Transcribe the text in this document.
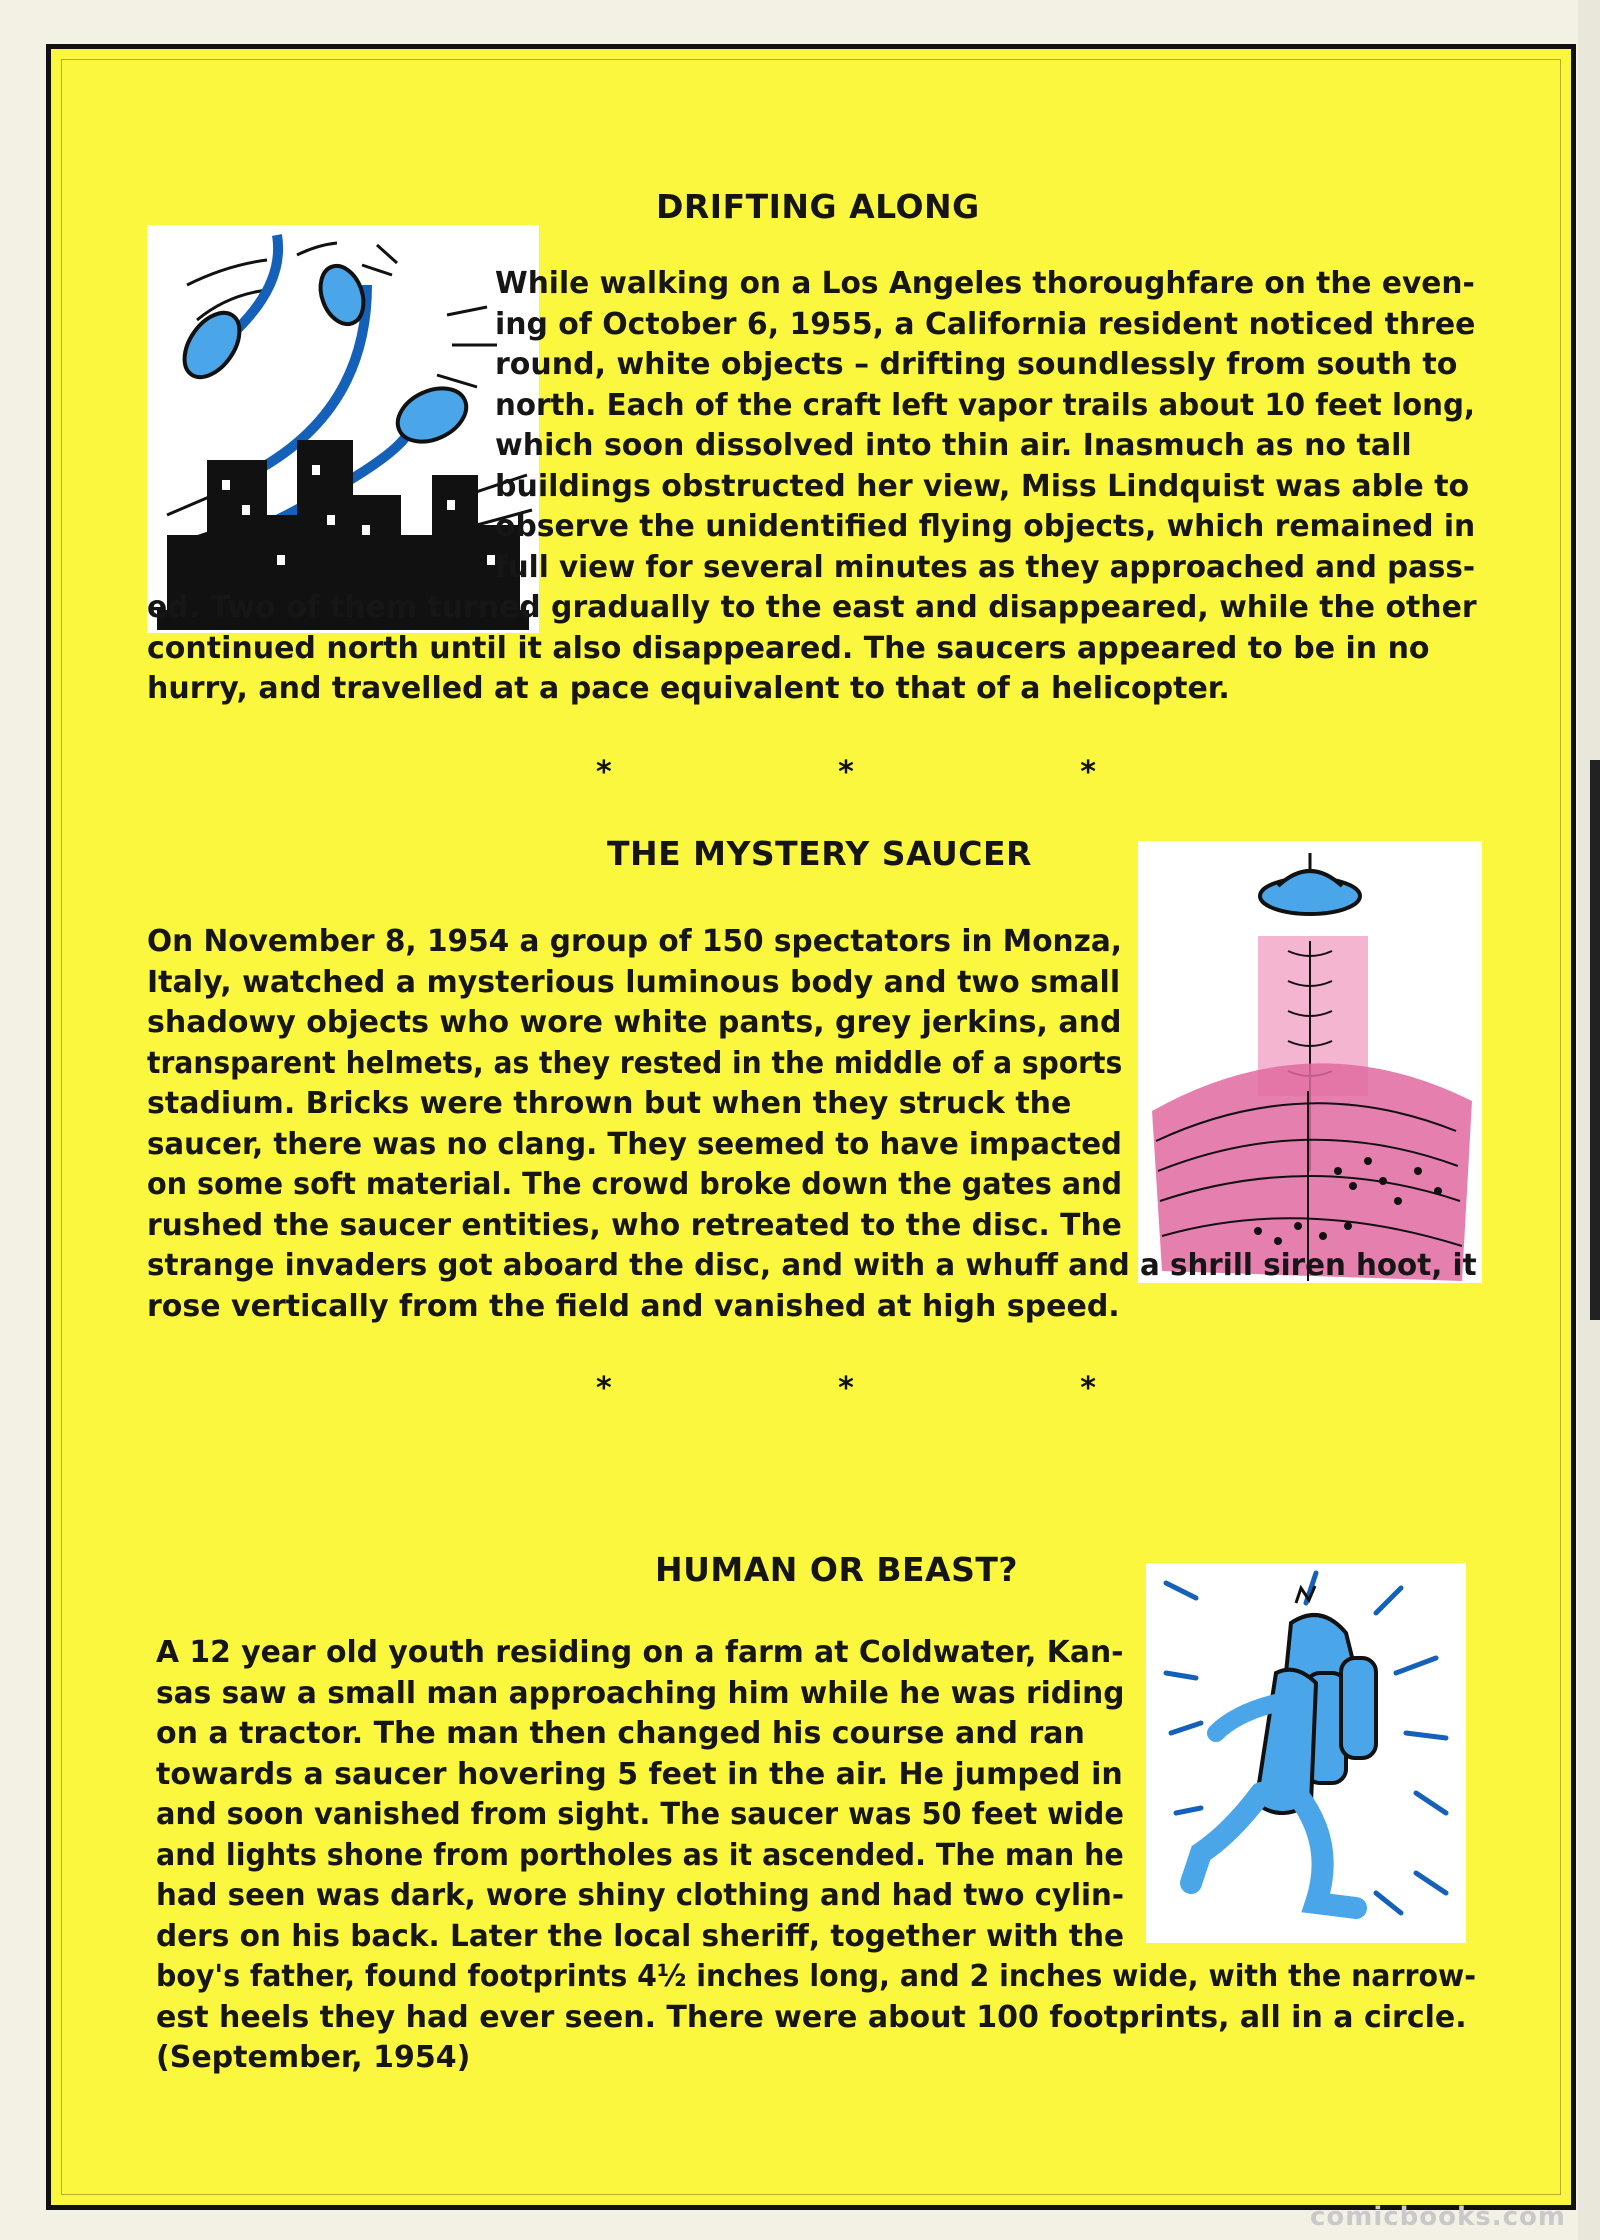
DRIFTING ALONG
While walking on a Los Angeles thoroughfare on the even-
ing of October 6, 1955, a California resident noticed three
round, white objects – drifting soundlessly from south to
north. Each of the craft left vapor trails about 10 feet long,
which soon dissolved into thin air. Inasmuch as no tall
buildings obstructed her view, Miss Lindquist was able to
observe the unidentified flying objects, which remained in
full view for several minutes as they approached and pass-
ed. Two of them turned gradually to the east and disappeared, while the other
continued north until it also disappeared. The saucers appeared to be in no
hurry, and travelled at a pace equivalent to that of a helicopter.
*	*	*
THE MYSTERY SAUCER
On November 8, 1954 a group of 150 spectators in Monza,
Italy, watched a mysterious luminous body and two small
shadowy objects who wore white pants, grey jerkins, and
transparent helmets, as they rested in the middle of a sports
stadium. Bricks were thrown but when they struck the
saucer, there was no clang. They seemed to have impacted
on some soft material. The crowd broke down the gates and
rushed the saucer entities, who retreated to the disc. The
strange invaders got aboard the disc, and with a whuff and a shrill siren hoot, it
rose vertically from the field and vanished at high speed.
*	*	*
HUMAN OR BEAST?
A 12 year old youth residing on a farm at Coldwater, Kan-
sas saw a small man approaching him while he was riding
on a tractor. The man then changed his course and ran
towards a saucer hovering 5 feet in the air. He jumped in
and soon vanished from sight. The saucer was 50 feet wide
and lights shone from portholes as it ascended. The man he
had seen was dark, wore shiny clothing and had two cylin-
ders on his back. Later the local sheriff, together with the
boy's father, found footprints 4½ inches long, and 2 inches wide, with the narrow-
est heels they had ever seen. There were about 100 footprints, all in a circle.
(September, 1954)
comicbooks.com
